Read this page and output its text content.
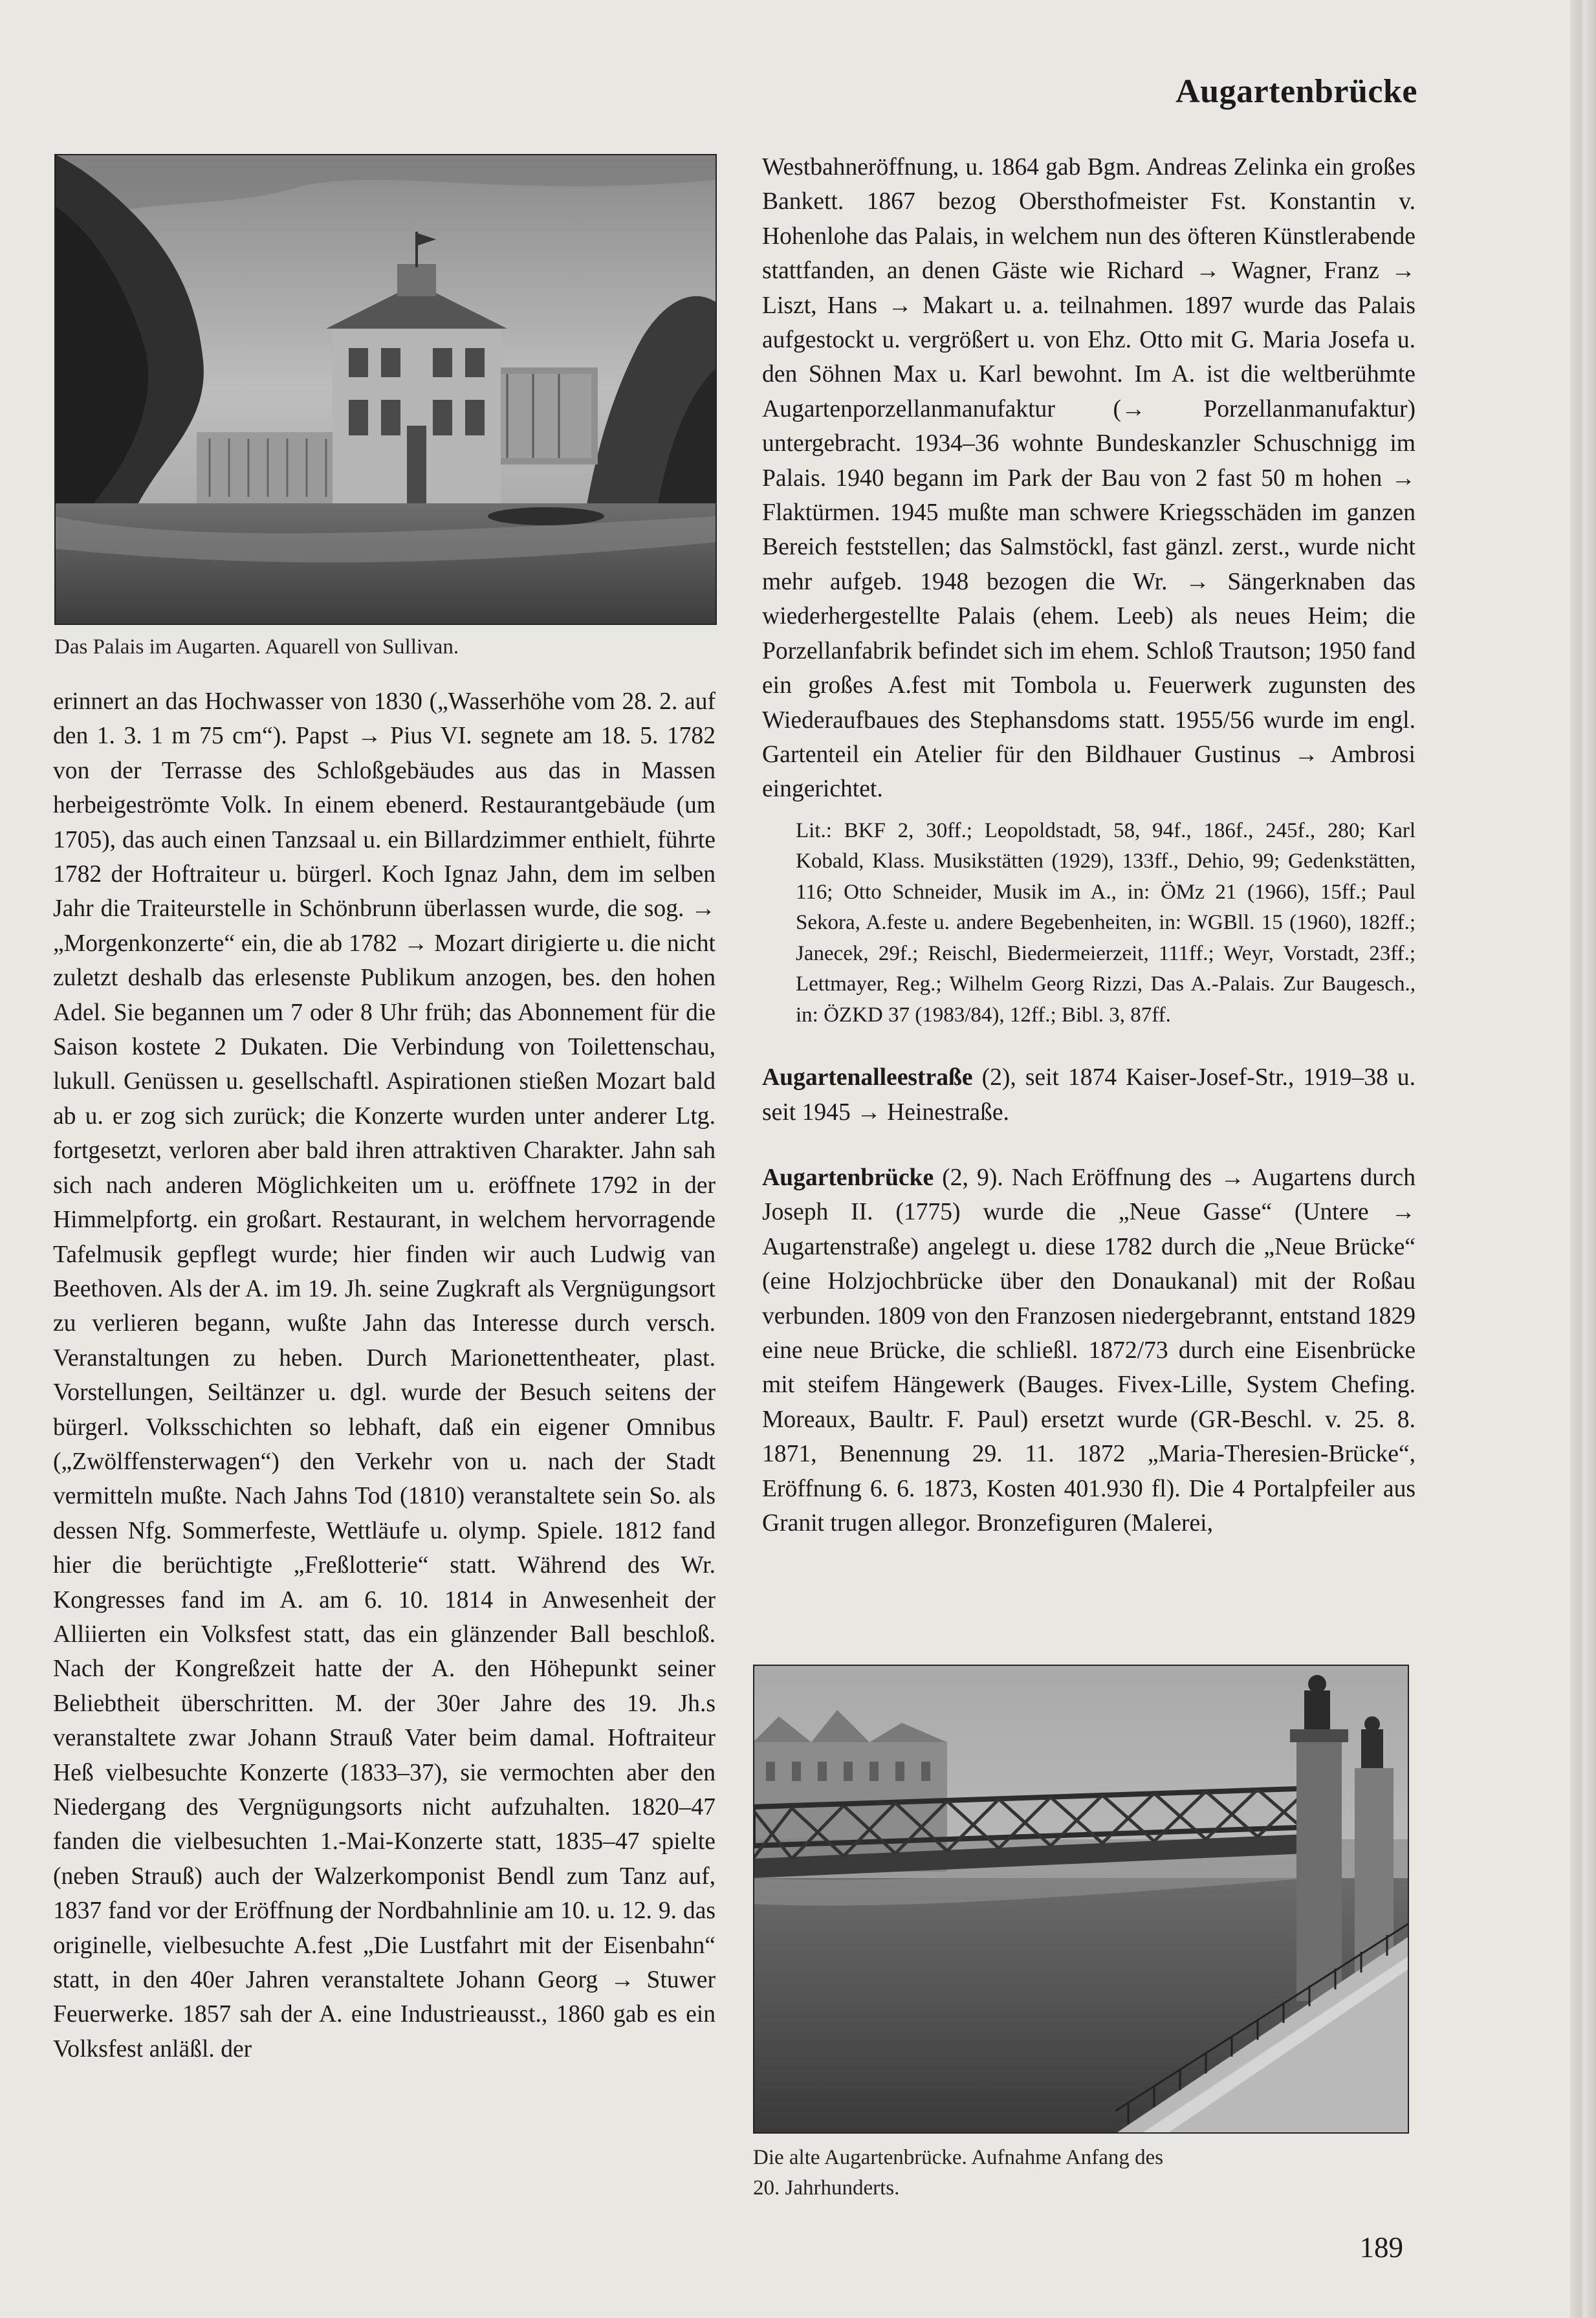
Augartenbrücke
Das Palais im Augarten. Aquarell von Sullivan.

erinnert an das Hochwasser von 1830 („Wasserhöhe vom 28. 2. auf den 1. 3. 1 m 75 cm“). Papst → Pius VI. segnete am 18. 5. 1782 von der Terrasse des Schloßgebäudes aus das in Massen herbeigeströmte Volk. In einem ebenerd. Restaurantgebäude (um 1705), das auch einen Tanzsaal u. ein Billardzimmer enthielt, führte 1782 der Hoftraiteur u. bürgerl. Koch Ignaz Jahn, dem im selben Jahr die Traiteurstelle in Schönbrunn überlassen wurde, die sog. → „Morgenkonzerte“ ein, die ab 1782 → Mozart dirigierte u. die nicht zuletzt deshalb das erlesenste Publikum anzogen, bes. den hohen Adel. Sie begannen um 7 oder 8 Uhr früh; das Abonnement für die Saison kostete 2 Dukaten. Die Verbindung von Toilettenschau, lukull. Genüssen u. gesellschaftl. Aspirationen stießen Mozart bald ab u. er zog sich zurück; die Konzerte wurden unter anderer Ltg. fortgesetzt, verloren aber bald ihren attraktiven Charakter. Jahn sah sich nach anderen Möglichkeiten um u. eröffnete 1792 in der Himmelpfortg. ein großart. Restaurant, in welchem hervorragende Tafelmusik gepflegt wurde; hier finden wir auch Ludwig van Beethoven. Als der A. im 19. Jh. seine Zugkraft als Vergnügungsort zu verlieren begann, wußte Jahn das Interesse durch versch. Veranstaltungen zu heben. Durch Marionettentheater, plast. Vorstellungen, Seiltänzer u. dgl. wurde der Besuch seitens der bürgerl. Volksschichten so lebhaft, daß ein eigener Omnibus („Zwölffensterwagen“) den Verkehr von u. nach der Stadt vermitteln mußte. Nach Jahns Tod (1810) veranstaltete sein So. als dessen Nfg. Sommerfeste, Wettläufe u. olymp. Spiele. 1812 fand hier die berüchtigte „Freßlotterie“ statt. Während des Wr. Kongresses fand im A. am 6. 10. 1814 in Anwesenheit der Alliierten ein Volksfest statt, das ein glänzender Ball beschloß. Nach der Kongreßzeit hatte der A. den Höhepunkt seiner Beliebtheit überschritten. M. der 30er Jahre des 19. Jh.s veranstaltete zwar Johann Strauß Vater beim damal. Hoftraiteur Heß vielbesuchte Konzerte (1833–37), sie vermochten aber den Niedergang des Vergnügungsorts nicht aufzuhalten. 1820–47 fanden die vielbesuchten 1.-Mai-Konzerte statt, 1835–47 spielte (neben Strauß) auch der Walzerkomponist Bendl zum Tanz auf, 1837 fand vor der Eröffnung der Nordbahnlinie am 10. u. 12. 9. das originelle, vielbesuchte A.fest „Die Lustfahrt mit der Eisenbahn“ statt, in den 40er Jahren veranstaltete Johann Georg → Stuwer Feuerwerke. 1857 sah der A. eine Industrieausst., 1860 gab es ein Volksfest anläßl. der

Westbahneröffnung, u. 1864 gab Bgm. Andreas Zelinka ein großes Bankett. 1867 bezog Obersthofmeister Fst. Konstantin v. Hohenlohe das Palais, in welchem nun des öfteren Künstlerabende stattfanden, an denen Gäste wie Richard → Wagner, Franz → Liszt, Hans → Makart u. a. teilnahmen. 1897 wurde das Palais aufgestockt u. vergrößert u. von Ehz. Otto mit G. Maria Josefa u. den Söhnen Max u. Karl bewohnt. Im A. ist die weltberühmte Augartenporzellanmanufaktur (→ Porzellanmanufaktur) untergebracht. 1934–36 wohnte Bundeskanzler Schuschnigg im Palais. 1940 begann im Park der Bau von 2 fast 50 m hohen → Flaktürmen. 1945 mußte man schwere Kriegsschäden im ganzen Bereich feststellen; das Salmstöckl, fast gänzl. zerst., wurde nicht mehr aufgeb. 1948 bezogen die Wr. → Sängerknaben das wiederhergestellte Palais (ehem. Leeb) als neues Heim; die Porzellanfabrik befindet sich im ehem. Schloß Trautson; 1950 fand ein großes A.fest mit Tombola u. Feuerwerk zugunsten des Wiederaufbaues des Stephansdoms statt. 1955/56 wurde im engl. Gartenteil ein Atelier für den Bildhauer Gustinus → Ambrosi eingerichtet.

Lit.: BKF 2, 30ff.; Leopoldstadt, 58, 94f., 186f., 245f., 280; Karl Kobald, Klass. Musikstätten (1929), 133ff., Dehio, 99; Gedenkstätten, 116; Otto Schneider, Musik im A., in: ÖMz 21 (1966), 15ff.; Paul Sekora, A.feste u. andere Begebenheiten, in: WGBll. 15 (1960), 182ff.; Janecek, 29f.; Reischl, Biedermeierzeit, 111ff.; Weyr, Vorstadt, 23ff.; Lettmayer, Reg.; Wilhelm Georg Rizzi, Das A.-Palais. Zur Baugesch., in: ÖZKD 37 (1983/84), 12ff.; Bibl. 3, 87ff.

Augartenalleestraße (2), seit 1874 Kaiser-Josef-Str., 1919–38 u. seit 1945 → Heinestraße.

Augartenbrücke (2, 9). Nach Eröffnung des → Augartens durch Joseph II. (1775) wurde die „Neue Gasse“ (Untere → Augartenstraße) angelegt u. diese 1782 durch die „Neue Brücke“ (eine Holzjochbrücke über den Donaukanal) mit der Roßau verbunden. 1809 von den Franzosen niedergebrannt, entstand 1829 eine neue Brücke, die schließl. 1872/73 durch eine Eisenbrücke mit steifem Hängewerk (Bauges. Fivex-Lille, System Chefing. Moreaux, Baultr. F. Paul) ersetzt wurde (GR-Beschl. v. 25. 8. 1871, Benennung 29. 11. 1872 „Maria-Theresien-Brücke“, Eröffnung 6. 6. 1873, Kosten 401.930 fl). Die 4 Portalpfeiler aus Granit trugen allegor. Bronzefiguren (Malerei,

Die alte Augartenbrücke. Aufnahme Anfang des
20. Jahrhunderts.
189
